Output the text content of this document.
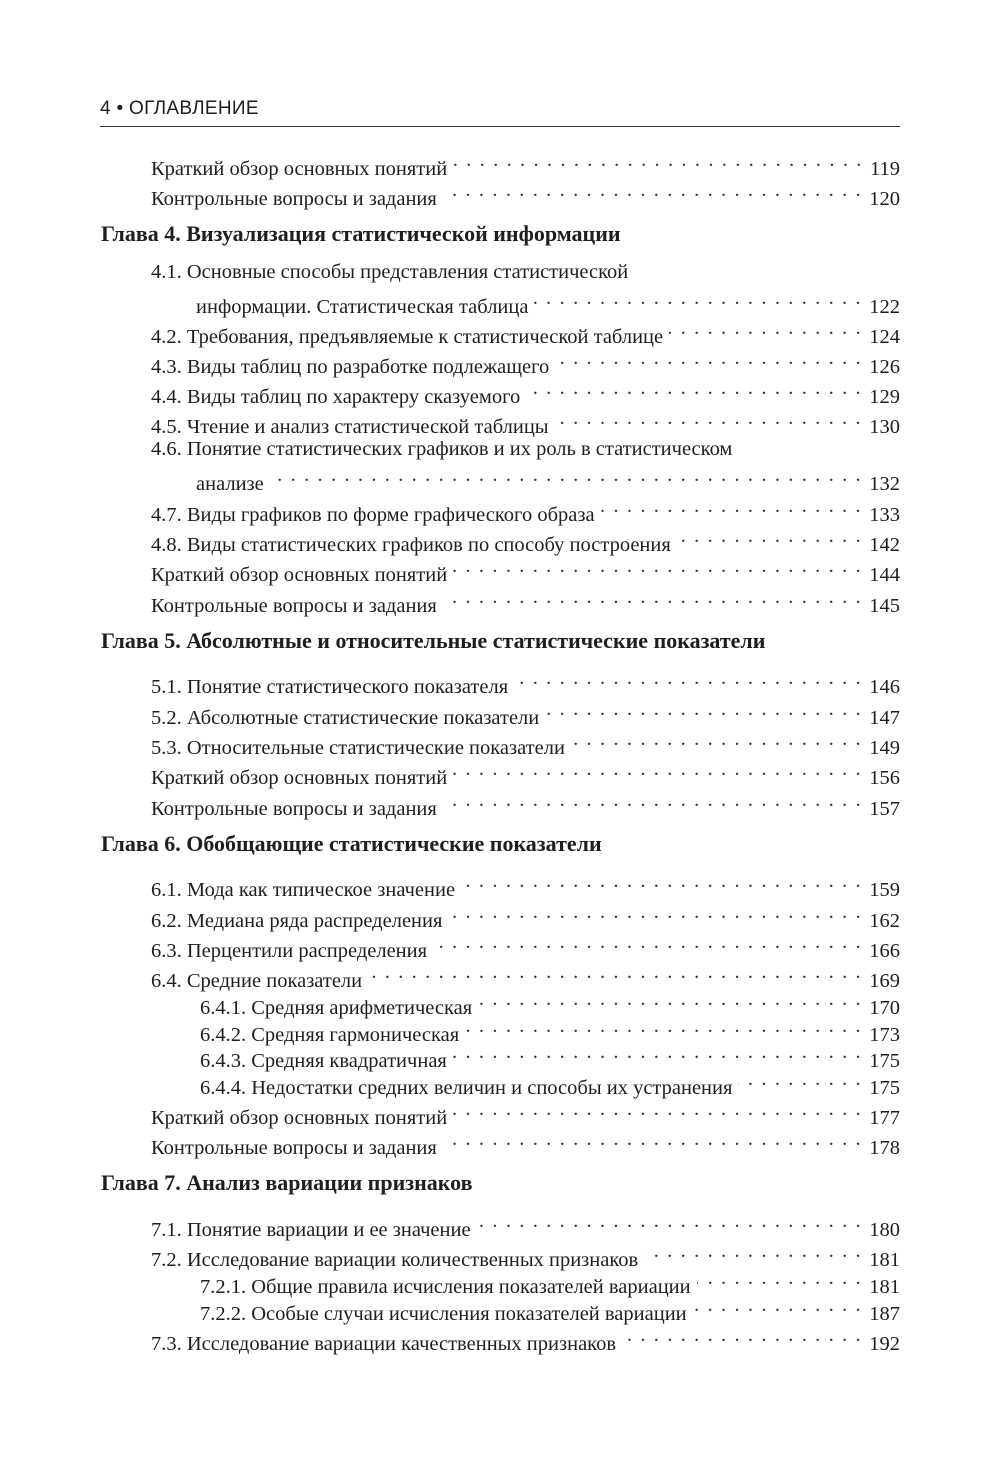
4 • ОГЛАВЛЕНИЕ
Краткий обзор основных понятий . . .	119
Контрольные вопросы и задания . . .	120
Глава 4. Визуализация статистической информации
4.1. Основные способы представления статистической
информации. Статистическая таблица . . .	122
4.2. Требования, предъявляемые к статистической таблице . . .	124
4.3. Виды таблиц по разработке подлежащего . . .	126
4.4. Виды таблиц по характеру сказуемого . . .	129
4.5. Чтение и анализ статистической таблицы . . .	130
4.6. Понятие статистических графиков и их роль в статистическом
анализе . . .	132
4.7. Виды графиков по форме графического образа . . .	133
4.8. Виды статистических графиков по способу построения . . .	142
Краткий обзор основных понятий . . .	144
Контрольные вопросы и задания . . .	145
Глава 5. Абсолютные и относительные статистические показатели
5.1. Понятие статистического показателя . . .	146
5.2. Абсолютные статистические показатели . . .	147
5.3. Относительные статистические показатели . . .	149
Краткий обзор основных понятий . . .	156
Контрольные вопросы и задания . . .	157
Глава 6. Обобщающие статистические показатели
6.1. Мода как типическое значение . . .	159
6.2. Медиана ряда распределения . . .	162
6.3. Перцентили распределения . . .	166
6.4. Средние показатели . . .	169
6.4.1. Средняя арифметическая . . .	170
6.4.2. Средняя гармоническая . . .	173
6.4.3. Средняя квадратичная . . .	175
6.4.4. Недостатки средних величин и способы их устранения . . .	175
Краткий обзор основных понятий . . .	177
Контрольные вопросы и задания . . .	178
Глава 7. Анализ вариации признаков
7.1. Понятие вариации и ее значение . . .	180
7.2. Исследование вариации количественных признаков . . .	181
7.2.1. Общие правила исчисления показателей вариации . . .	181
7.2.2. Особые случаи исчисления показателей вариации . . .	187
7.3. Исследование вариации качественных признаков . . .	192
